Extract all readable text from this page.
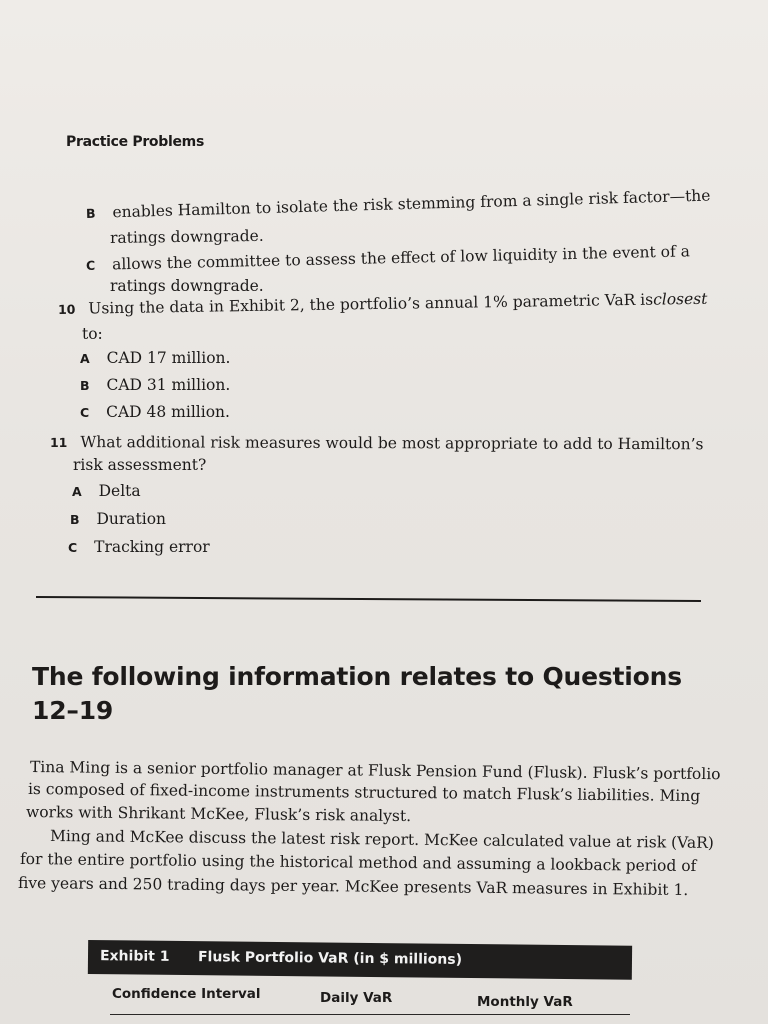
Practice Problems
B enables Hamilton to isolate the risk stemming from a single risk factor—the
ratings downgrade.
C allows the committee to assess the effect of low liquidity in the event of a
ratings downgrade.
10 Using the data in Exhibit 2, the portfolio’s annual 1% parametric VaR isclosest
to:
A CAD 17 million.
B CAD 31 million.
C CAD 48 million.
11 What additional risk measures would be most appropriate to add to Hamilton’s
risk assessment?
A Delta
B Duration
C Tracking error
The following information relates to Questions 12–19
Tina Ming is a senior portfolio manager at Flusk Pension Fund (Flusk). Flusk’s portfolio
is composed of fixed-income instruments structured to match Flusk’s liabilities. Ming
works with Shrikant McKee, Flusk’s risk analyst.
Ming and McKee discuss the latest risk report. McKee calculated value at risk (VaR)
for the entire portfolio using the historical method and assuming a lookback period of
five years and 250 trading days per year. McKee presents VaR measures in Exhibit 1.
Exhibit 1 Flusk Portfolio VaR (in $ millions)
Confidence Interval	Daily VaR	Monthly VaR
